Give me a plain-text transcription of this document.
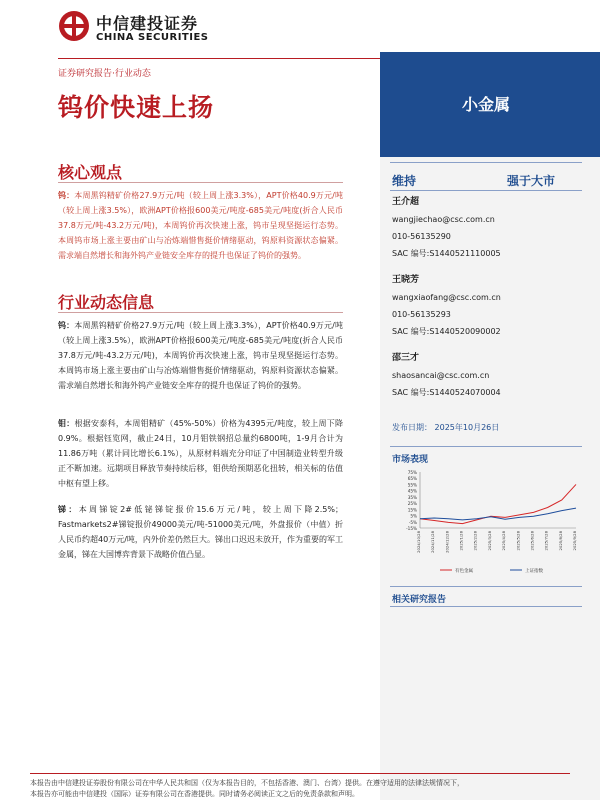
中信建投证券
CHINA SECURITIES
证券研究报告·行业动态
钨价快速上扬	小金属
核心观点
钨：本周黑钨精矿价格27.9万元/吨（较上周上涨3.3%），APT价格40.9万元/吨（较上周上涨3.5%），欧洲APT价格报600美元/吨度-685美元/吨度(折合人民币37.8万元/吨-43.2万元/吨)，本周钨价再次快速上涨，钨市呈现坚挺运行态势。本周钨市场上涨主要由矿山与冶炼端惜售挺价情绪驱动，钨原料资源状态偏紧。需求端自然增长和海外钨产业链安全库存的提升也保证了钨价的强势。
行业动态信息
钨：本周黑钨精矿价格27.9万元/吨（较上周上涨3.3%），APT价格40.9万元/吨（较上周上涨3.5%），欧洲APT价格报600美元/吨度-685美元/吨度(折合人民币37.8万元/吨-43.2万元/吨)，本周钨价再次快速上涨，钨市呈现坚挺运行态势。本周钨市场上涨主要由矿山与冶炼端惜售挺价情绪驱动，钨原料资源状态偏紧。需求端自然增长和海外钨产业链安全库存的提升也保证了钨价的强势。
钼：根据安泰科，本周钼精矿（45%-50%）价格为4395元/吨度，较上周下降0.9%。根据钰览网，截止24日，10月钼铁钢招总量约6800吨，1-9月合计为11.86万吨（累计同比增长6.1%），从原材料端充分印证了中国制造业转型升级正不断加速。远期项目释放节奏持续后移，钼供给预期恶化扭转，相关标的估值中枢有望上移。
锑：本周锑锭2#低铋锑锭报价15.6万元/吨，较上周下降2.5%；Fastmarkets2#锑锭报价49000美元/吨-51000美元/吨，外盘报价（中值）折人民币约超40万元/吨，内外价差仍然巨大。锑出口迟迟未放开，作为重要的军工金属，锑在大国博弈背景下战略价值凸显。
维持	强于大市
王介超
wangjiechao@csc.com.cn
010-56135290
SAC 编号:S1440521110005
王晓芳
wangxiaofang@csc.com.cn
010-56135293
SAC 编号:S1440520090002
邵三才
shaosancai@csc.com.cn
SAC 编号:S1440524070004
发布日期： 2025年10月26日
市场表现
75%
65%
55%
45%
35%
25%
15%
5%
-5%
-15%
2024/10/28 2024/11/28 2024/12/28 2025/1/28 2025/2/28 2025/3/28 2025/4/28 2025/5/28 2025/6/28 2025/7/28 2025/8/28 2025/9/28
有色金属	上证指数
相关研究报告
本报告由中信建投证券股份有限公司在中华人民共和国（仅为本报告目的，不包括香港、澳门、台湾）提供。在遵守适用的法律法规情况下，
本报告亦可能由中信建投（国际）证券有限公司在香港提供。同时请务必阅读正文之后的免责条款和声明。
